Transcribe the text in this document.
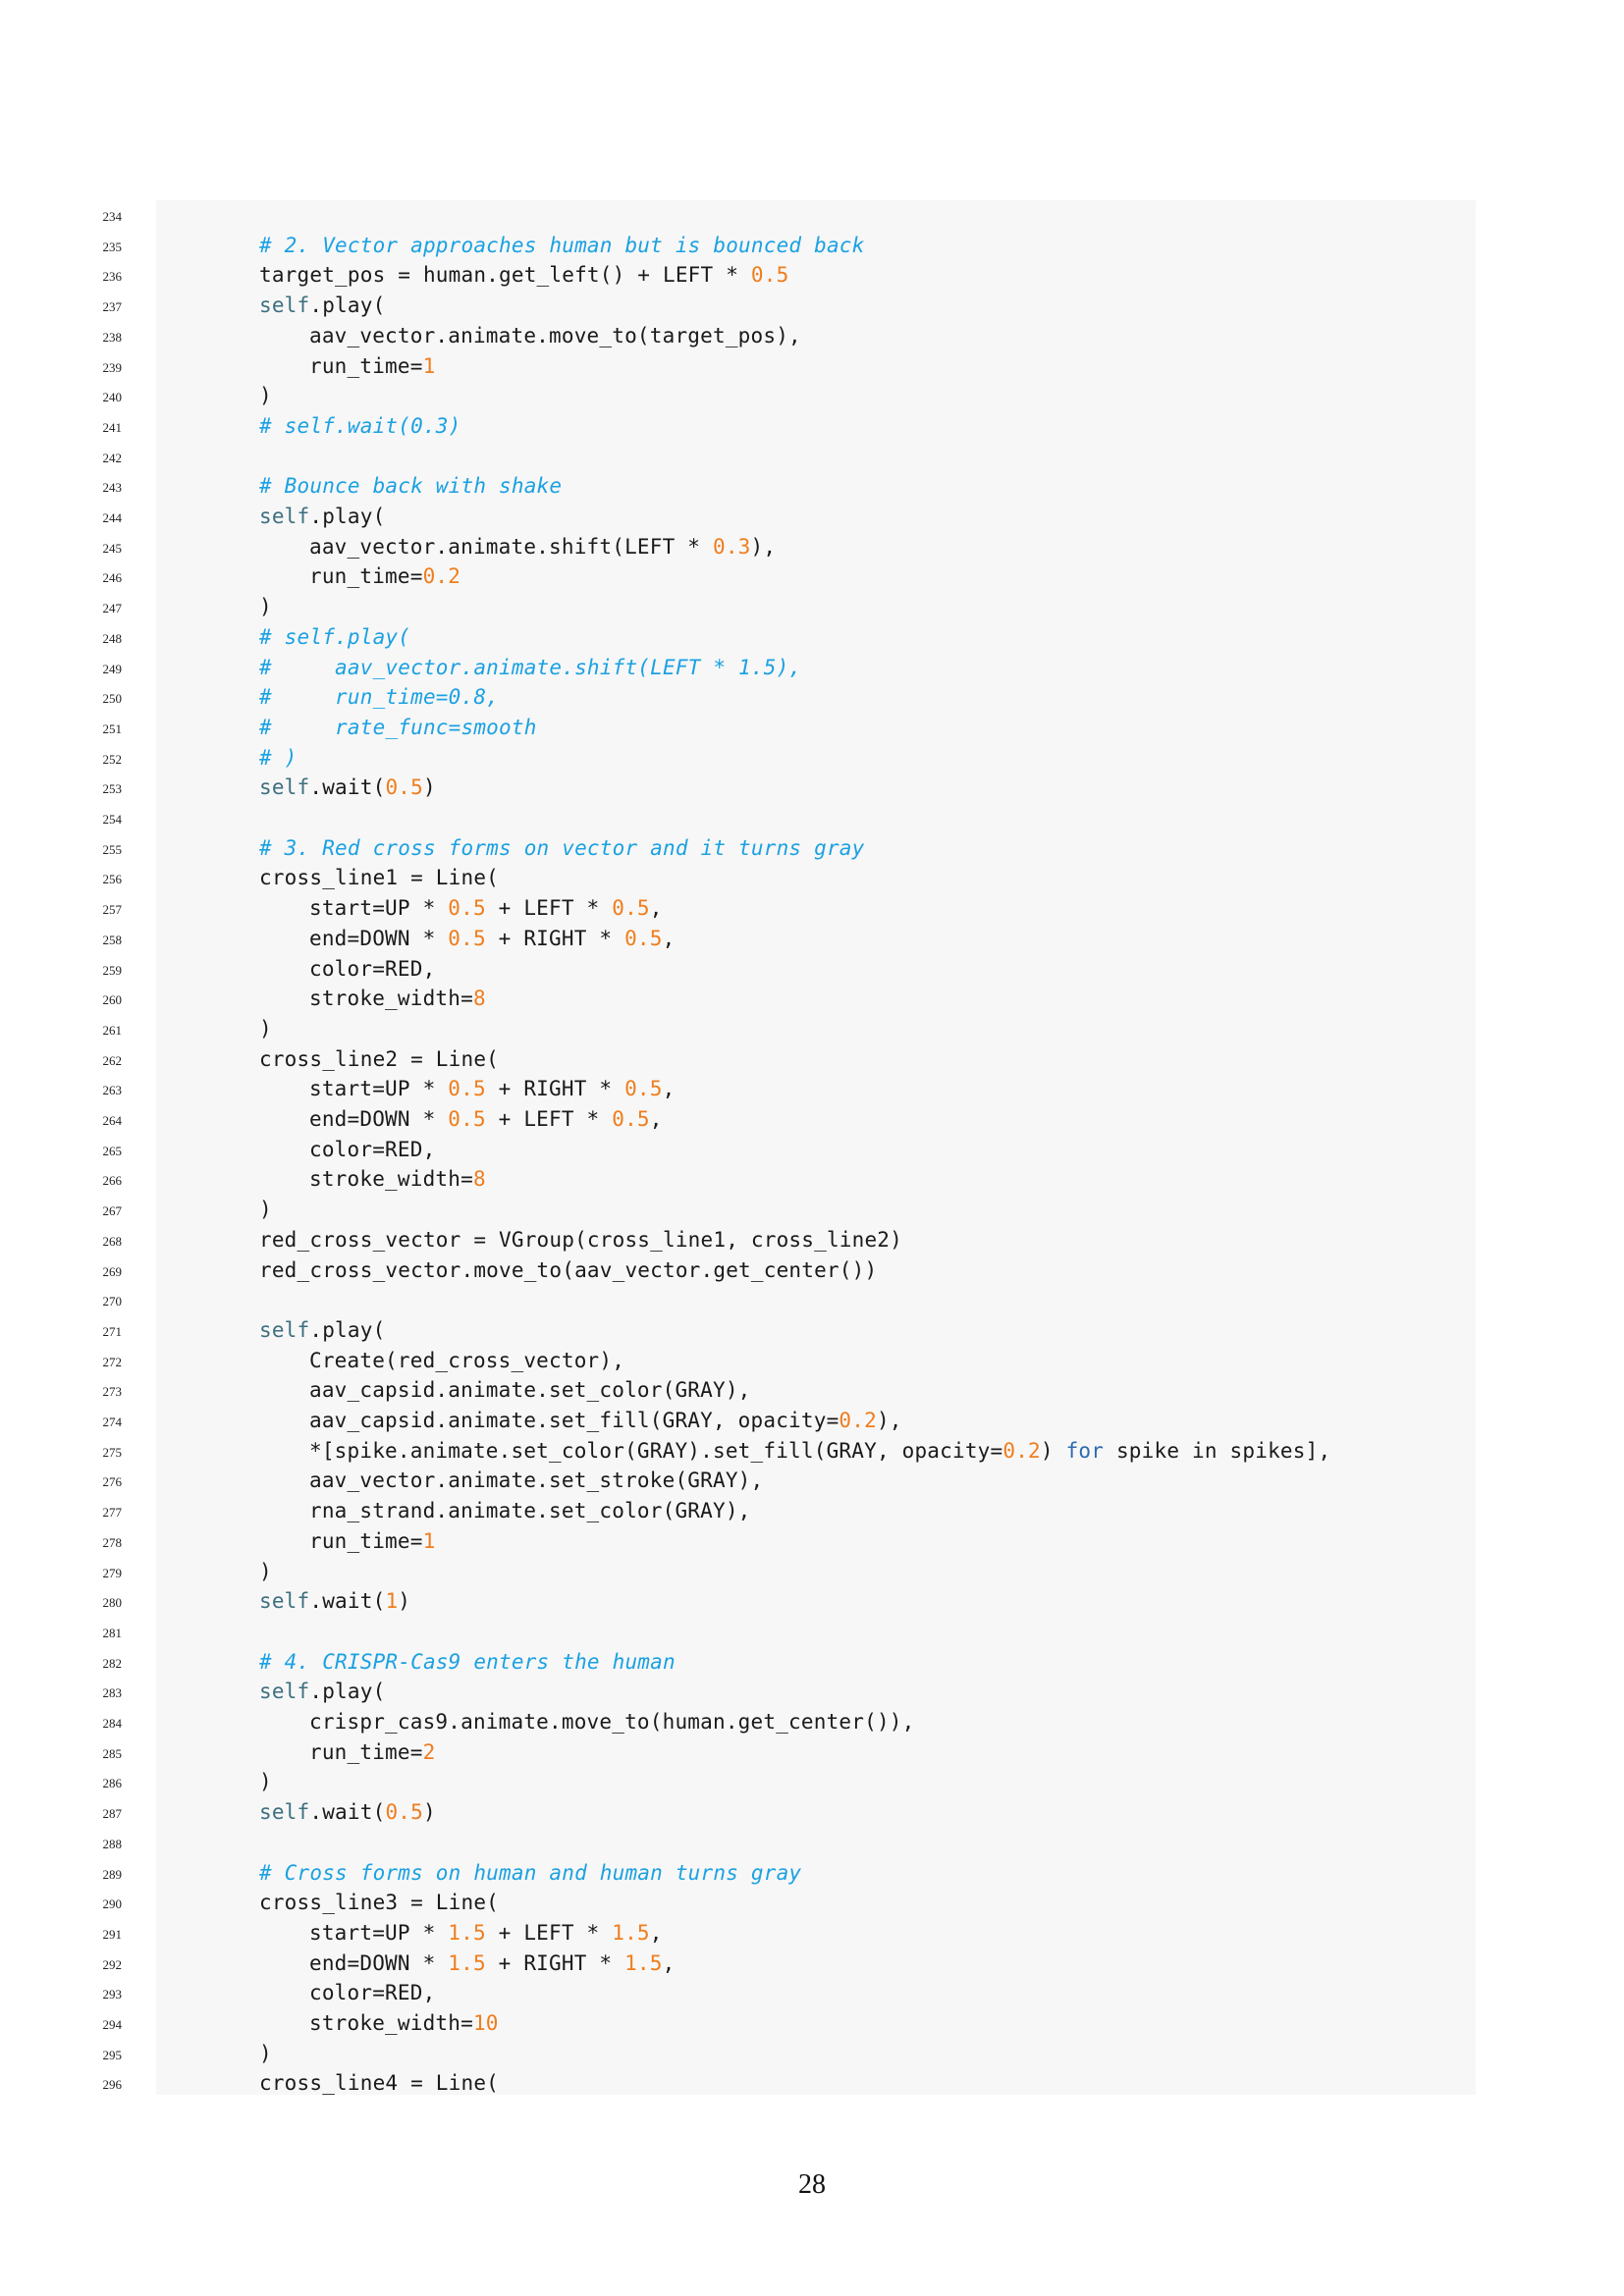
234
235	# 2. Vector approaches human but is bounced back
236	target_pos = human.get_left() + LEFT * 0.5
237	self.play(
238	aav_vector.animate.move_to(target_pos),
239	run_time=1
240	)
241	# self.wait(0.3)
242
243	# Bounce back with shake
244	self.play(
245	aav_vector.animate.shift(LEFT * 0.3),
246	run_time=0.2
247	)
248	# self.play(
249	#     aav_vector.animate.shift(LEFT * 1.5),
250	#     run_time=0.8,
251	#     rate_func=smooth
252	# )
253	self.wait(0.5)
254
255	# 3. Red cross forms on vector and it turns gray
256	cross_line1 = Line(
257	start=UP * 0.5 + LEFT * 0.5,
258	end=DOWN * 0.5 + RIGHT * 0.5,
259	color=RED,
260	stroke_width=8
261	)
262	cross_line2 = Line(
263	start=UP * 0.5 + RIGHT * 0.5,
264	end=DOWN * 0.5 + LEFT * 0.5,
265	color=RED,
266	stroke_width=8
267	)
268	red_cross_vector = VGroup(cross_line1, cross_line2)
269	red_cross_vector.move_to(aav_vector.get_center())
270
271	self.play(
272	Create(red_cross_vector),
273	aav_capsid.animate.set_color(GRAY),
274	aav_capsid.animate.set_fill(GRAY, opacity=0.2),
275	*[spike.animate.set_color(GRAY).set_fill(GRAY, opacity=0.2) for spike in spikes],
276	aav_vector.animate.set_stroke(GRAY),
277	rna_strand.animate.set_color(GRAY),
278	run_time=1
279	)
280	self.wait(1)
281
282	# 4. CRISPR-Cas9 enters the human
283	self.play(
284	crispr_cas9.animate.move_to(human.get_center()),
285	run_time=2
286	)
287	self.wait(0.5)
288
289	# Cross forms on human and human turns gray
290	cross_line3 = Line(
291	start=UP * 1.5 + LEFT * 1.5,
292	end=DOWN * 1.5 + RIGHT * 1.5,
293	color=RED,
294	stroke_width=10
295	)
296	cross_line4 = Line(
28
